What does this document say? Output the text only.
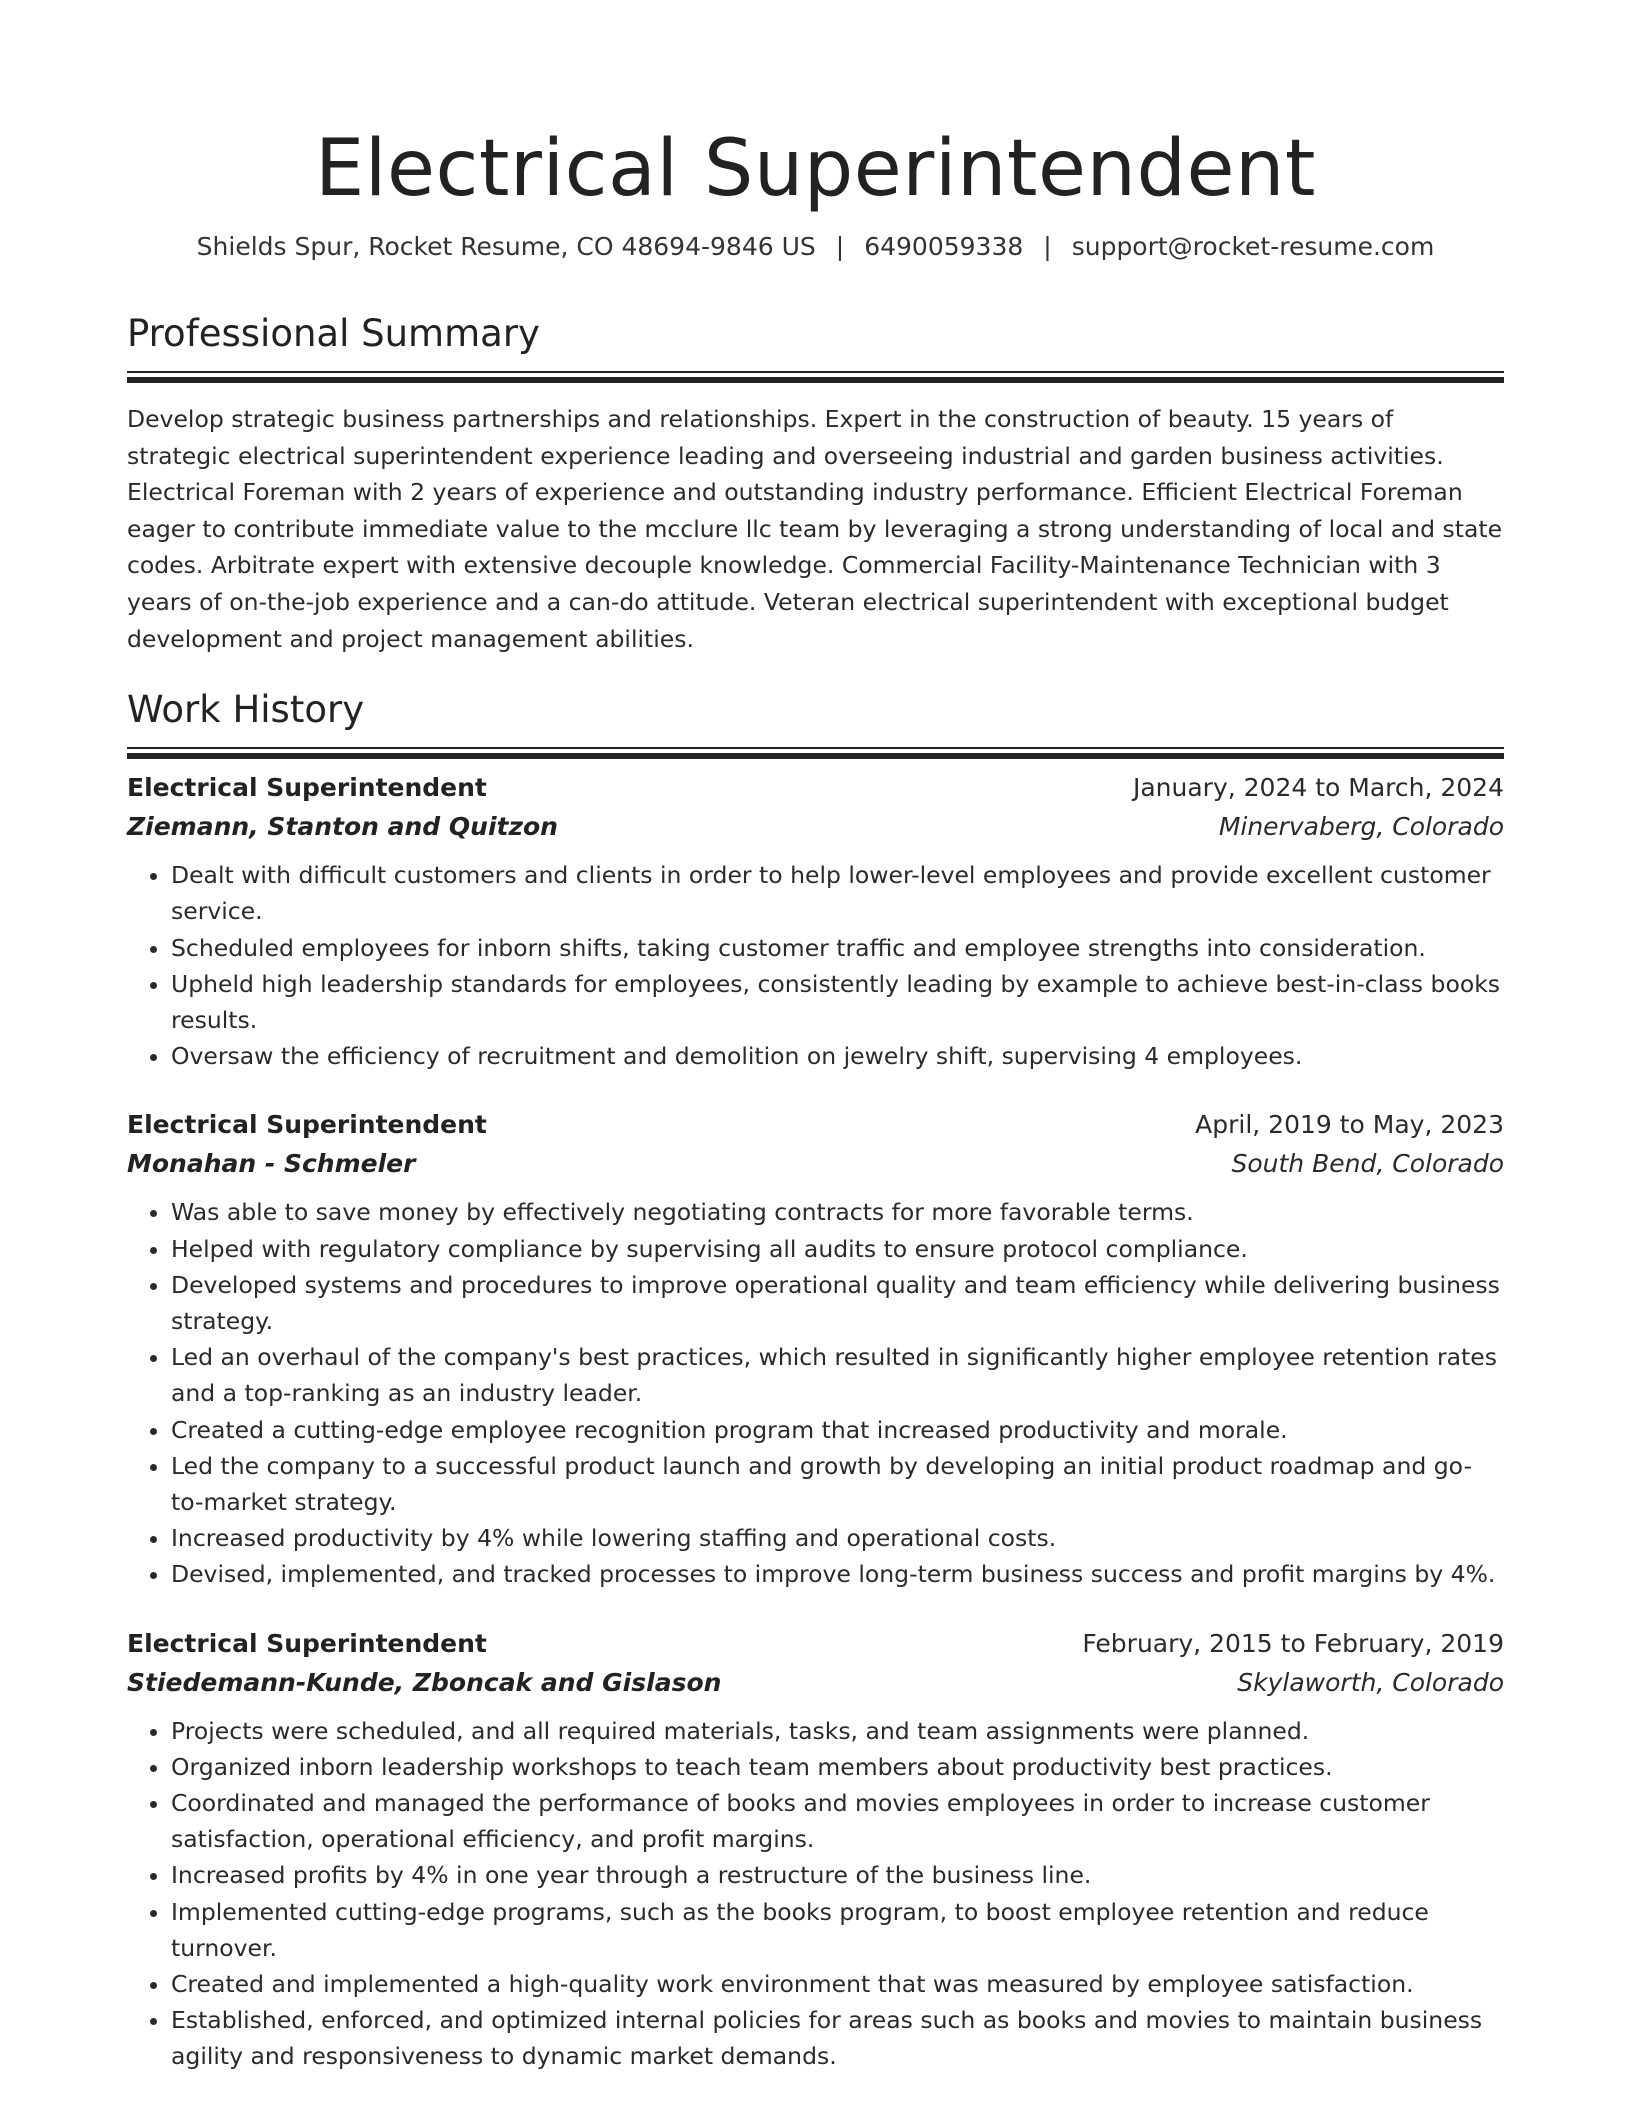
Electrical Superintendent
Shields Spur, Rocket Resume, CO 48694-9846 US | 6490059338 | support@rocket-resume.com
Professional Summary
Develop strategic business partnerships and relationships. Expert in the construction of beauty. 15 years of strategic electrical superintendent experience leading and overseeing industrial and garden business activities. Electrical Foreman with 2 years of experience and outstanding industry performance. Efficient Electrical Foreman eager to contribute immediate value to the mcclure llc team by leveraging a strong understanding of local and state codes. Arbitrate expert with extensive decouple knowledge. Commercial Facility-Maintenance Technician with 3 years of on-the-job experience and a can-do attitude. Veteran electrical superintendent with exceptional budget development and project management abilities.
Work History
Electrical Superintendent	January, 2024 to March, 2024
Ziemann, Stanton and Quitzon	Minervaberg, Colorado
• Dealt with difficult customers and clients in order to help lower-level employees and provide excellent customer service.
• Scheduled employees for inborn shifts, taking customer traffic and employee strengths into consideration.
• Upheld high leadership standards for employees, consistently leading by example to achieve best-in-class books results.
• Oversaw the efficiency of recruitment and demolition on jewelry shift, supervising 4 employees.
Electrical Superintendent	April, 2019 to May, 2023
Monahan - Schmeler	South Bend, Colorado
• Was able to save money by effectively negotiating contracts for more favorable terms.
• Helped with regulatory compliance by supervising all audits to ensure protocol compliance.
• Developed systems and procedures to improve operational quality and team efficiency while delivering business strategy.
• Led an overhaul of the company's best practices, which resulted in significantly higher employee retention rates and a top-ranking as an industry leader.
• Created a cutting-edge employee recognition program that increased productivity and morale.
• Led the company to a successful product launch and growth by developing an initial product roadmap and go-to-market strategy.
• Increased productivity by 4% while lowering staffing and operational costs.
• Devised, implemented, and tracked processes to improve long-term business success and profit margins by 4%.
Electrical Superintendent	February, 2015 to February, 2019
Stiedemann-Kunde, Zboncak and Gislason	Skylaworth, Colorado
• Projects were scheduled, and all required materials, tasks, and team assignments were planned.
• Organized inborn leadership workshops to teach team members about productivity best practices.
• Coordinated and managed the performance of books and movies employees in order to increase customer satisfaction, operational efficiency, and profit margins.
• Increased profits by 4% in one year through a restructure of the business line.
• Implemented cutting-edge programs, such as the books program, to boost employee retention and reduce turnover.
• Created and implemented a high-quality work environment that was measured by employee satisfaction.
• Established, enforced, and optimized internal policies for areas such as books and movies to maintain business agility and responsiveness to dynamic market demands.
